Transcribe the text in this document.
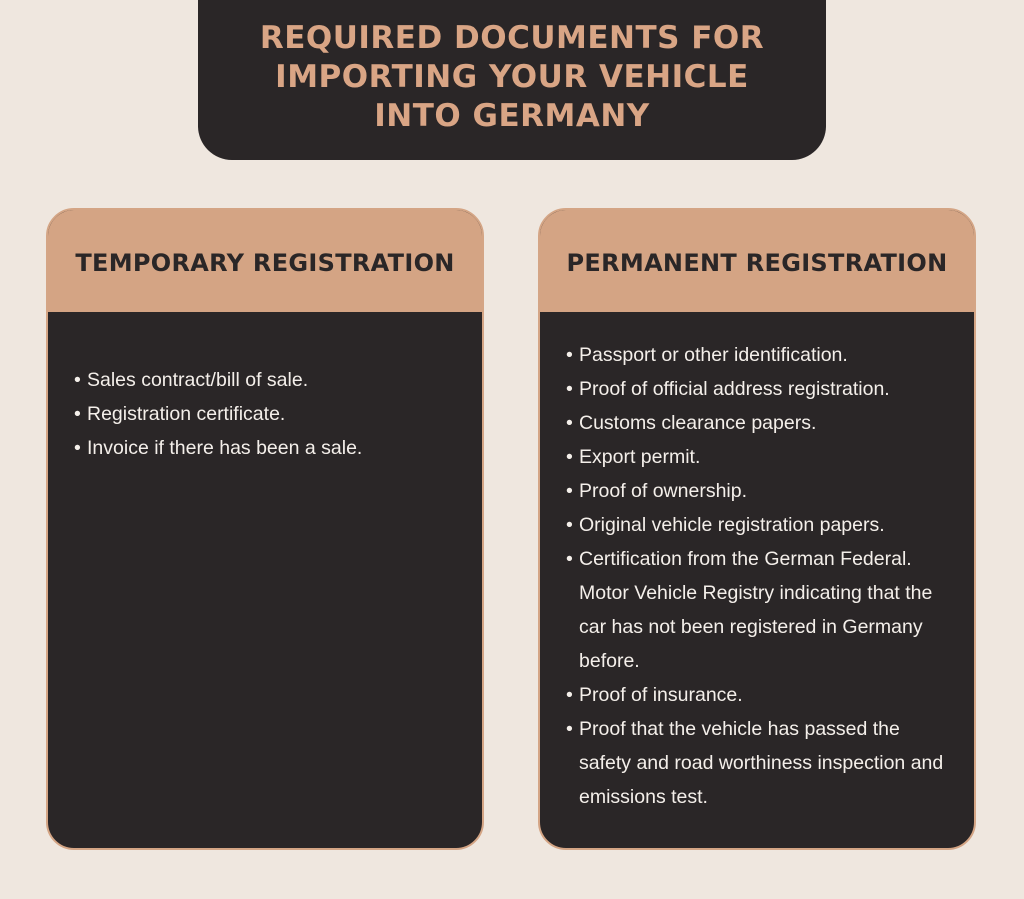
REQUIRED DOCUMENTS FOR IMPORTING YOUR VEHICLE INTO GERMANY
TEMPORARY REGISTRATION
• Sales contract/bill of sale.
• Registration certificate.
• Invoice if there has been a sale.
PERMANENT REGISTRATION
• Passport or other identification.
• Proof of official address registration.
• Customs clearance papers.
• Export permit.
• Proof of ownership.
• Original vehicle registration papers.
• Certification from the German Federal. Motor Vehicle Registry indicating that the car has not been registered in Germany before.
• Proof of insurance.
• Proof that the vehicle has passed the safety and road worthiness inspection and emissions test.
